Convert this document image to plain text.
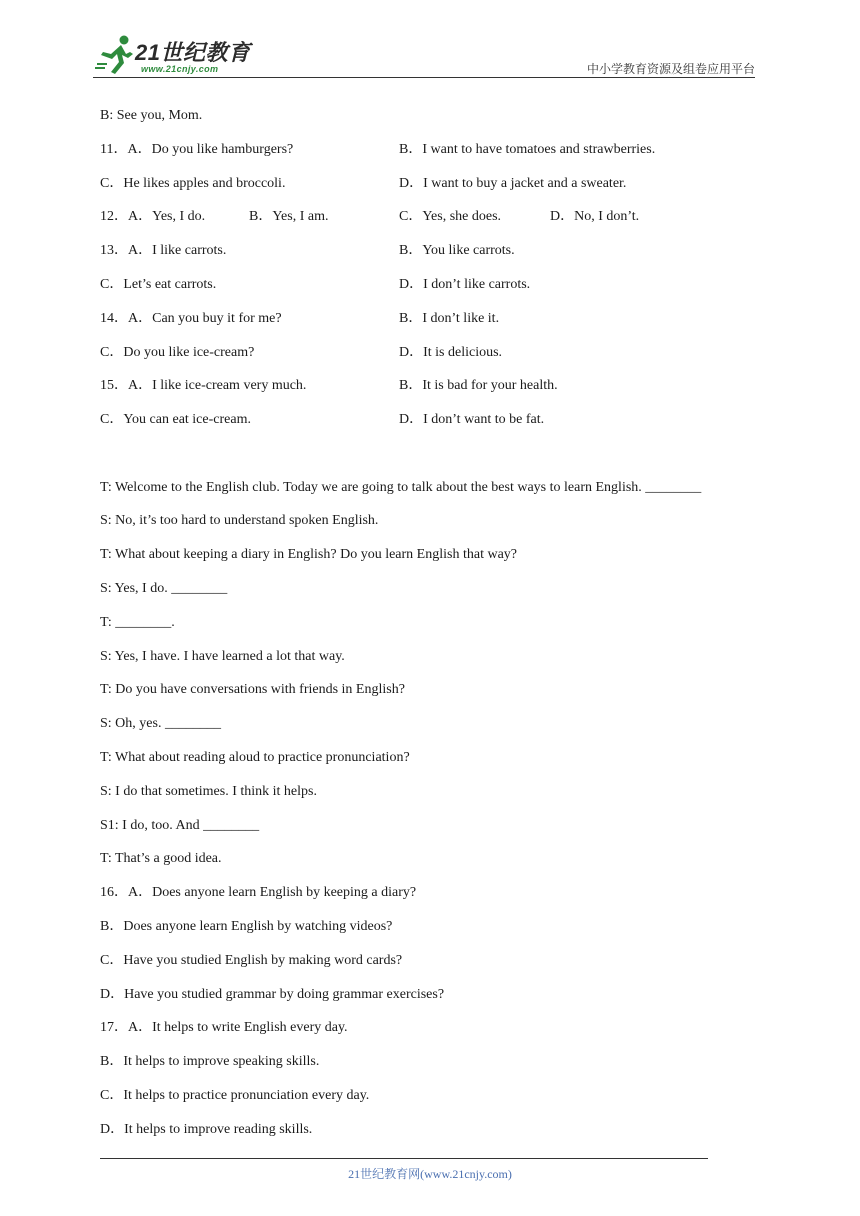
21世纪教育
www.21cnjy.com	中小学教育资源及组卷应用平台
B: See you, Mom.
11．A．Do you like hamburgers?	B．I want to have tomatoes and strawberries.
C．He likes apples and broccoli.	D．I want to buy a jacket and a sweater.
12．A．Yes, I do.	B．Yes, I am.	C．Yes, she does.	D．No, I don’t.
13．A．I like carrots.	B．You like carrots.
C．Let’s eat carrots.	D．I don’t like carrots.
14．A．Can you buy it for me?	B．I don’t like it.
C．Do you like ice-cream?	D．It is delicious.
15．A．I like ice-cream very much.	B．It is bad for your health.
C．You can eat ice-cream.	D．I don’t want to be fat.
T: Welcome to the English club. Today we are going to talk about the best ways to learn English. ________
S: No, it’s too hard to understand spoken English.
T: What about keeping a diary in English? Do you learn English that way?
S: Yes, I do. ________
T: ________.
S: Yes, I have. I have learned a lot that way.
T: Do you have conversations with friends in English?
S: Oh, yes. ________
T: What about reading aloud to practice pronunciation?
S: I do that sometimes. I think it helps.
S1: I do, too. And ________
T: That’s a good idea.
16．A．Does anyone learn English by keeping a diary?
B．Does anyone learn English by watching videos?
C．Have you studied English by making word cards?
D．Have you studied grammar by doing grammar exercises?
17．A．It helps to write English every day.
B．It helps to improve speaking skills.
C．It helps to practice pronunciation every day.
D．It helps to improve reading skills.
21世纪教育网(www.21cnjy.com)
